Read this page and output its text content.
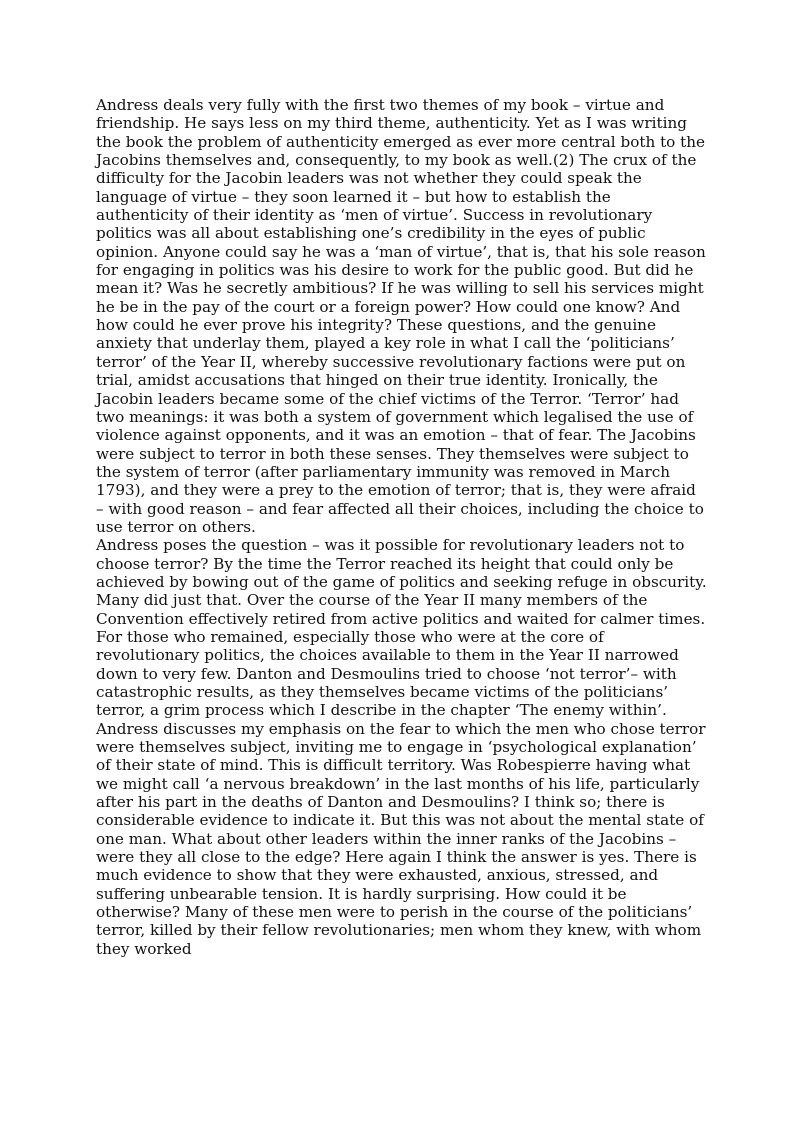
Andress deals very fully with the first two themes of my book – virtue and friendship. He says less on my third theme, authenticity. Yet as I was writing the book the problem of authenticity emerged as ever more central both to the Jacobins themselves and, consequently, to my book as well.(2) The crux of the difficulty for the Jacobin leaders was not whether they could speak the language of virtue – they soon learned it – but how to establish the authenticity of their identity as ‘men of virtue’. Success in revolutionary politics was all about establishing one’s credibility in the eyes of public opinion. Anyone could say he was a ‘man of virtue’, that is, that his sole reason for engaging in politics was his desire to work for the public good. But did he mean it? Was he secretly ambitious? If he was willing to sell his services might he be in the pay of the court or a foreign power? How could one know? And how could he ever prove his integrity? These questions, and the genuine anxiety that underlay them, played a key role in what I call the ‘politicians’ terror’ of the Year II, whereby successive revolutionary factions were put on trial, amidst accusations that hinged on their true identity. Ironically, the Jacobin leaders became some of the chief victims of the Terror. ‘Terror’ had two meanings: it was both a system of government which legalised the use of violence against opponents, and it was an emotion – that of fear. The Jacobins were subject to terror in both these senses. They themselves were subject to the system of terror (after parliamentary immunity was removed in March 1793), and they were a prey to the emotion of terror; that is, they were afraid – with good reason – and fear affected all their choices, including the choice to use terror on others.

Andress poses the question – was it possible for revolutionary leaders not to choose terror? By the time the Terror reached its height that could only be achieved by bowing out of the game of politics and seeking refuge in obscurity. Many did just that. Over the course of the Year II many members of the Convention effectively retired from active politics and waited for calmer times. For those who remained, especially those who were at the core of revolutionary politics, the choices available to them in the Year II narrowed down to very few. Danton and Desmoulins tried to choose ‘not terror’– with catastrophic results, as they themselves became victims of the politicians’ terror, a grim process which I describe in the chapter ‘The enemy within’.

Andress discusses my emphasis on the fear to which the men who chose terror were themselves subject, inviting me to engage in ‘psychological explanation’ of their state of mind. This is difficult territory. Was Robespierre having what we might call ‘a nervous breakdown’ in the last months of his life, particularly after his part in the deaths of Danton and Desmoulins? I think so; there is considerable evidence to indicate it. But this was not about the mental state of one man. What about other leaders within the inner ranks of the Jacobins – were they all close to the edge? Here again I think the answer is yes. There is much evidence to show that they were exhausted, anxious, stressed, and suffering unbearable tension. It is hardly surprising. How could it be otherwise? Many of these men were to perish in the course of the politicians’ terror, killed by their fellow revolutionaries; men whom they knew, with whom they worked
